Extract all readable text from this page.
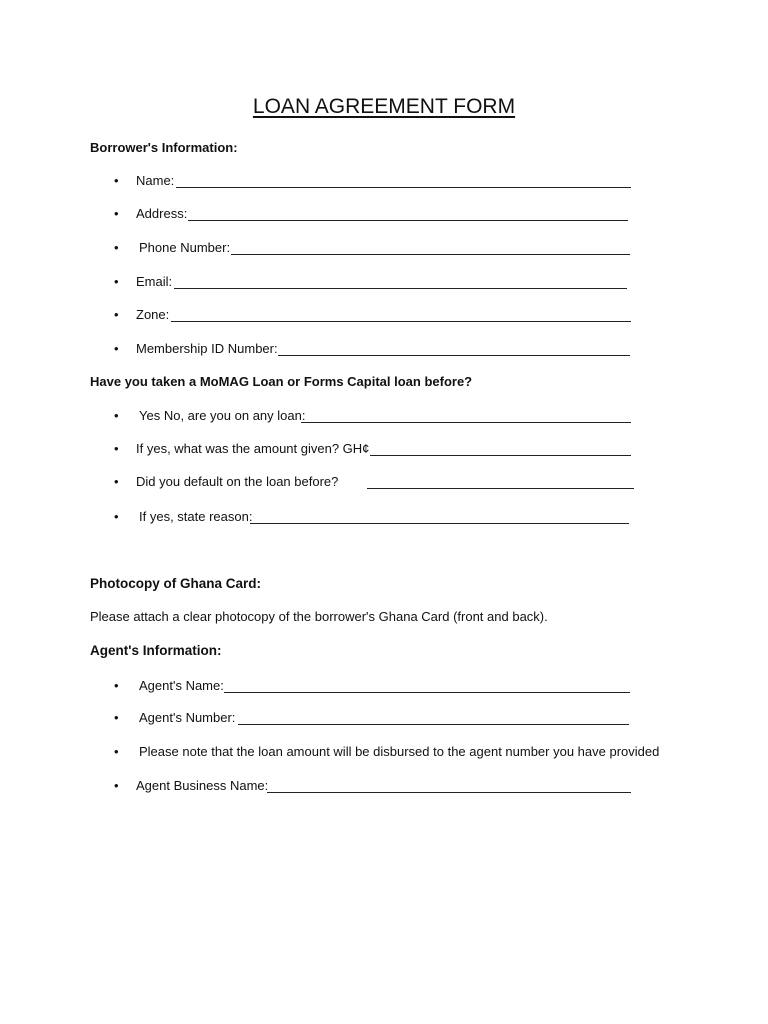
LOAN AGREEMENT FORM
Borrower's Information:
• Name:
• Address:
• Phone Number:
• Email:
• Zone:
• Membership ID Number:
Have you taken a MoMAG Loan or Forms Capital loan before?
• Yes No, are you on any loan:
• If yes, what was the amount given? GH¢
• Did you default on the loan before?
• If yes, state reason:
Photocopy of Ghana Card:
Please attach a clear photocopy of the borrower's Ghana Card (front and back).
Agent's Information:
• Agent's Name:
• Agent's Number:
• Please note that the loan amount will be disbursed to the agent number you have provided
• Agent Business Name:
